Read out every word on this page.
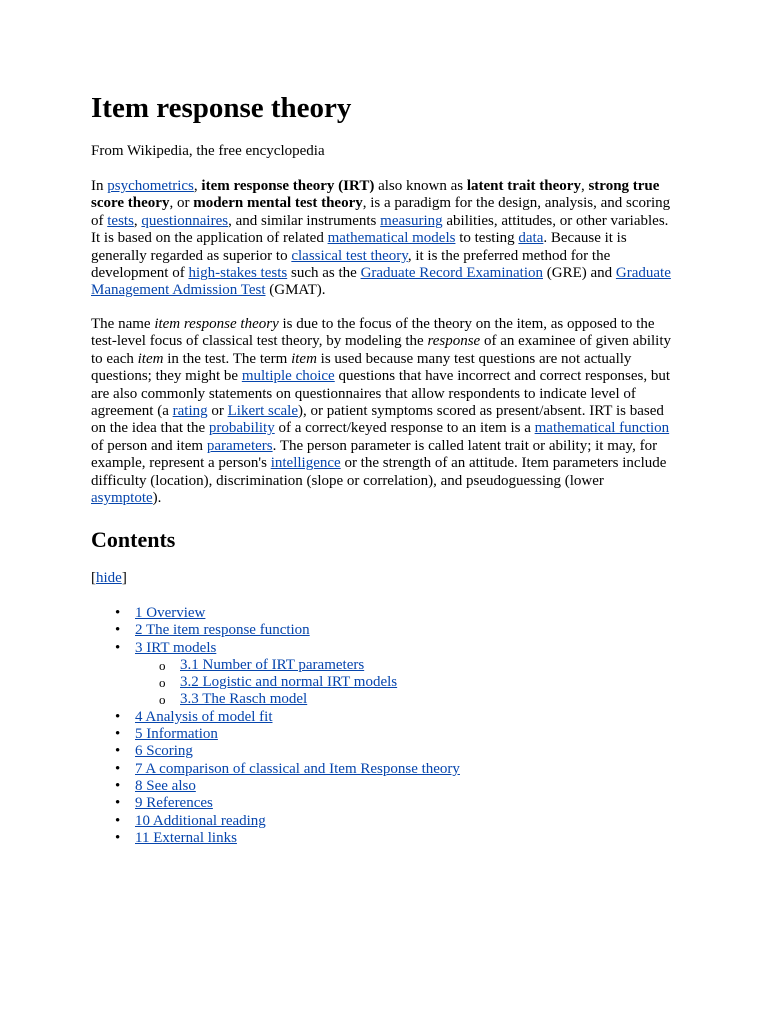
Item response theory

From Wikipedia, the free encyclopedia

In psychometrics, item response theory (IRT) also known as latent trait theory, strong true
score theory, or modern mental test theory, is a paradigm for the design, analysis, and scoring
of tests, questionnaires, and similar instruments measuring abilities, attitudes, or other variables.
It is based on the application of related mathematical models to testing data. Because it is
generally regarded as superior to classical test theory, it is the preferred method for the
development of high-stakes tests such as the Graduate Record Examination (GRE) and Graduate
Management Admission Test (GMAT).
The name item response theory is due to the focus of the theory on the item, as opposed to the
test-level focus of classical test theory, by modeling the response of an examinee of given ability
to each item in the test. The term item is used because many test questions are not actually
questions; they might be multiple choice questions that have incorrect and correct responses, but
are also commonly statements on questionnaires that allow respondents to indicate level of
agreement (a rating or Likert scale), or patient symptoms scored as present/absent. IRT is based
on the idea that the probability of a correct/keyed response to an item is a mathematical function
of person and item parameters. The person parameter is called latent trait or ability; it may, for
example, represent a person's intelligence or the strength of an attitude. Item parameters include
difficulty (location), discrimination (slope or correlation), and pseudoguessing (lower
asymptote).
Contents

[hide]

• 1 Overview
• 2 The item response function
• 3 IRT models
o 3.1 Number of IRT parameters
o 3.2 Logistic and normal IRT models
o 3.3 The Rasch model
• 4 Analysis of model fit
• 5 Information
• 6 Scoring
• 7 A comparison of classical and Item Response theory
• 8 See also
• 9 References
• 10 Additional reading
• 11 External links
